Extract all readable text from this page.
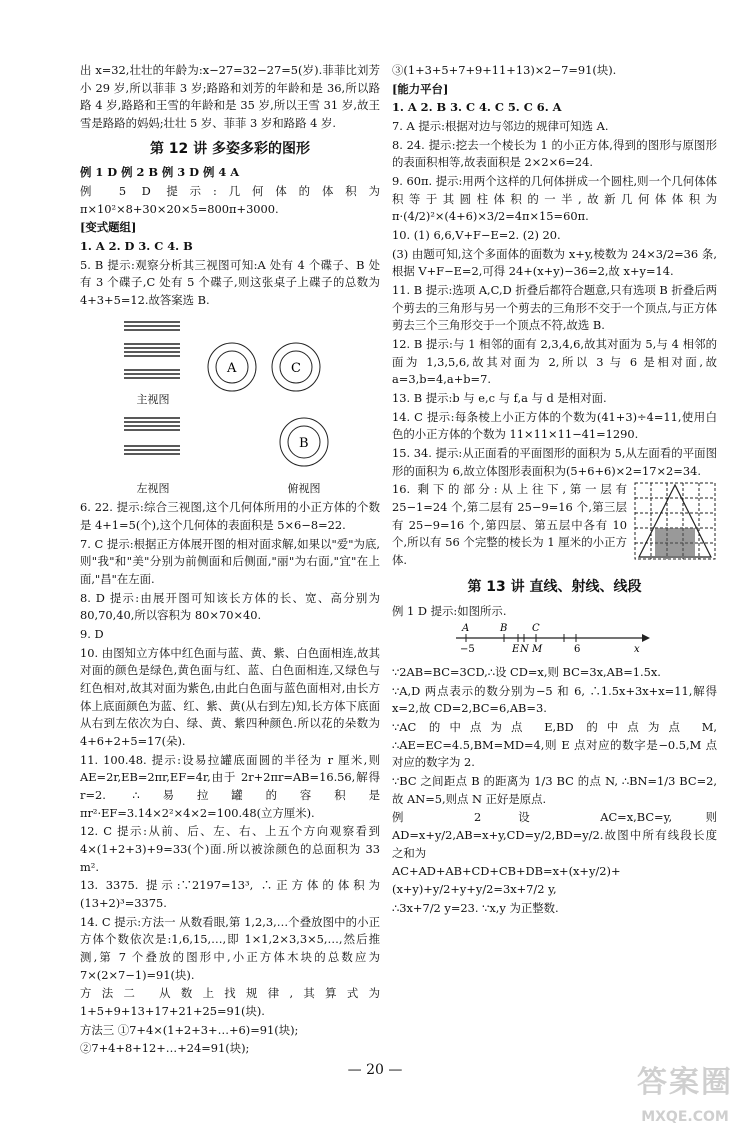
出 x=32,壮壮的年龄为:x−27=32−27=5(岁).菲菲比刘芳小 29 岁,所以菲菲 3 岁;路路和刘芳的年龄和是 36,所以路路 4 岁,路路和王雪的年龄和是 35 岁,所以王雪 31 岁,故王雪是路路的妈妈;壮壮 5 岁、菲菲 3 岁和路路 4 岁.

第 12 讲 多姿多彩的图形

例 1 D 例 2 B 例 3 D 例 4 A

例 5 D 提示:几何体的体积为 π×10²×8+30×20×5=800π+3000.

[变式题组]

1. A 2. D 3. C 4. B

5. B 提示:观察分析其三视图可知:A 处有 4 个碟子、B 处有 3 个碟子,C 处有 5 个碟子,则这张桌子上碟子的总数为 4+3+5=12.故答案选 B.

主视图
A	C
左视图
B
俯视图

6. 22. 提示:综合三视图,这个几何体所用的小正方体的个数是 4+1=5(个),这个几何体的表面积是 5×6−8=22.

7. C 提示:根据正方体展开图的相对面求解,如果以"爱"为底,则"我"和"美"分别为前侧面和后侧面,"丽"为右面,"宜"在上面,"昌"在左面.

8. D 提示:由展开图可知该长方体的长、宽、高分别为 80,70,40,所以容积为 80×70×40.

9. D

10. 由图知立方体中红色面与蓝、黄、紫、白色面相连,故其对面的颜色是绿色,黄色面与红、蓝、白色面相连,又绿色与红色相对,故其对面为紫色,由此白色面与蓝色面相对,由长方体上底面颜色为蓝、红、紫、黄(从右到左)知,长方体下底面从右到左依次为白、绿、黄、紫四种颜色.所以花的朵数为 4+6+2+5=17(朵).

11. 100.48. 提示:设易拉罐底面圆的半径为 r 厘米,则 AE=2r,EB=2πr,EF=4r,由于 2r+2πr=AB=16.56,解得 r=2. ∴易拉罐的容积是 πr²·EF=3.14×2²×4×2=100.48(立方厘米).

12. C 提示:从前、后、左、右、上五个方向观察看到 4×(1+2+3)+9=33(个)面.所以被涂颜色的总面积为 33 m².

13. 3375. 提示:∵2197=13³, ∴正方体的体积为(13+2)³=3375.

14. C 提示:方法一 从数看眼,第 1,2,3,…个叠放图中的小正方体个数依次是:1,6,15,…,即 1×1,2×3,3×5,…,然后推测,第 7 个叠放的图形中,小正方体木块的总数应为 7×(2×7−1)=91(块).

方法二 从数上找规律,其算式为 1+5+9+13+17+21+25=91(块).

方法三 ①7+4×(1+2+3+…+6)=91(块);

②7+4+8+12+…+24=91(块);

③(1+3+5+7+9+11+13)×2−7=91(块).

[能力平台]

1. A 2. B 3. C 4. C 5. C 6. A

7. A 提示:根据对边与邻边的规律可知选 A.

8. 24. 提示:挖去一个棱长为 1 的小正方体,得到的图形与原图形的表面积相等,故表面积是 2×2×6=24.

9. 60π. 提示:用两个这样的几何体拼成一个圆柱,则一个几何体体积等于其圆柱体积的一半,故新几何体体积为 π·(4/2)²×(4+6)×3/2=4π×15=60π.

10. (1) 6,6,V+F−E=2. (2) 20.

(3) 由题可知,这个多面体的面数为 x+y,棱数为 24×3/2=36 条,根据 V+F−E=2,可得 24+(x+y)−36=2,故 x+y=14.

11. B 提示:选项 A,C,D 折叠后都符合题意,只有选项 B 折叠后两个剪去的三角形与另一个剪去的三角形不交于一个顶点,与正方体剪去三个三角形交于一个顶点不符,故选 B.

12. B 提示:与 1 相邻的面有 2,3,4,6,故其对面为 5,与 4 相邻的面为 1,3,5,6,故其对面为 2,所以 3 与 6 是相对面,故 a=3,b=4,a+b=7.

13. B 提示:b 与 e,c 与 f,a 与 d 是相对面.

14. C 提示:每条棱上小正方体的个数为(41+3)÷4=11,使用白色的小正方体的个数为 11×11×11−41=1290.

15. 34. 提示:从正面看的平面图形的面积为 5,从左面看的平面图形的面积为 6,故立体图形表面积为(5+6+6)×2=17×2=34.

16. 剩下的部分:从上往下,第一层有 25−1=24 个,第二层有 25−9=16 个,第三层有 25−9=16 个,第四层、第五层中各有 10 个,所以有 56 个完整的棱长为 1 厘米的小正方体.

第 13 讲 直线、射线、线段

例 1 D 提示:如图所示.

A	B C
E N M	x
−5	6

∵2AB=BC=3CD,∴设 CD=x,则 BC=3x,AB=1.5x.

∵A,D 两点表示的数分别为−5 和 6, ∴1.5x+3x+x=11,解得 x=2,故 CD=2,BC=6,AB=3.

∵AC 的中点为点 E,BD 的中点为点 M, ∴AE=EC=4.5,BM=MD=4,则 E 点对应的数字是−0.5,M 点对应的数字为 2.

∵BC 之间距点 B 的距离为 1/3 BC 的点 N, ∴BN=1/3 BC=2,故 AN=5,则点 N 正好是原点.

例 2 设 AC=x,BC=y,则 AD=x+y/2,AB=x+y,CD=y/2,BD=y/2.故图中所有线段长度之和为

AC+AD+AB+CD+CB+DB=x+(x+y/2)+(x+y)+y/2+y+y/2=3x+7/2 y,

∴3x+7/2 y=23. ∵x,y 为正整数.

— 20 —	答案圈
MXQE.COM
